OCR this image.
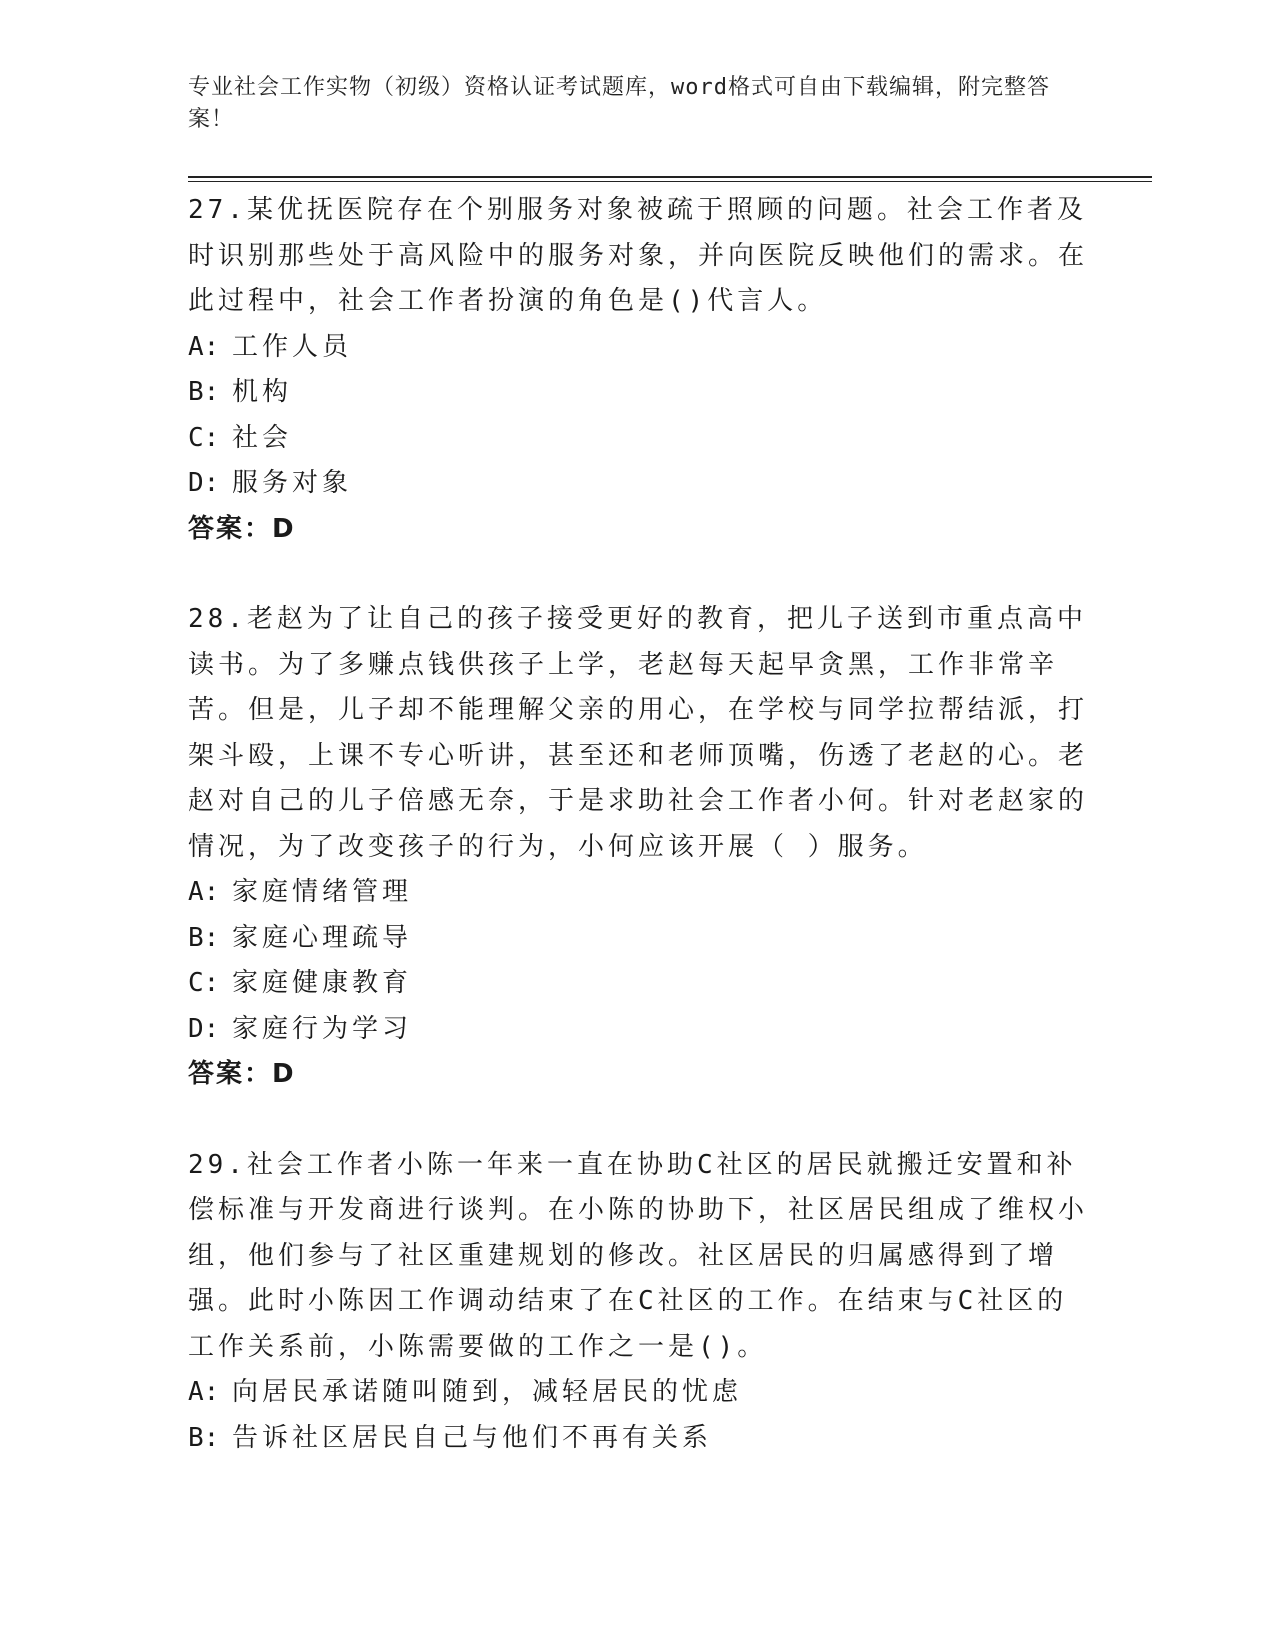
专业社会工作实物（初级）资格认证考试题库，word格式可自由下载编辑，附完整答案！

27.某优抚医院存在个别服务对象被疏于照顾的问题。社会工作者及时识别那些处于高风险中的服务对象，并向医院反映他们的需求。在此过程中，社会工作者扮演的角色是()代言人。

A: 工作人员

B: 机构

C: 社会

D: 服务对象

答案：D

28.老赵为了让自己的孩子接受更好的教育，把儿子送到市重点高中读书。为了多赚点钱供孩子上学，老赵每天起早贪黑，工作非常辛苦。但是，儿子却不能理解父亲的用心，在学校与同学拉帮结派，打架斗殴，上课不专心听讲，甚至还和老师顶嘴，伤透了老赵的心。老赵对自己的儿子倍感无奈，于是求助社会工作者小何。针对老赵家的情况，为了改变孩子的行为，小何应该开展（ ）服务。

A: 家庭情绪管理

B: 家庭心理疏导

C: 家庭健康教育

D: 家庭行为学习

答案：D

29.社会工作者小陈一年来一直在协助C社区的居民就搬迁安置和补偿标准与开发商进行谈判。在小陈的协助下，社区居民组成了维权小组，他们参与了社区重建规划的修改。社区居民的归属感得到了增强。此时小陈因工作调动结束了在C社区的工作。在结束与C社区的工作关系前，小陈需要做的工作之一是()。

A: 向居民承诺随叫随到，减轻居民的忧虑

B: 告诉社区居民自己与他们不再有关系
